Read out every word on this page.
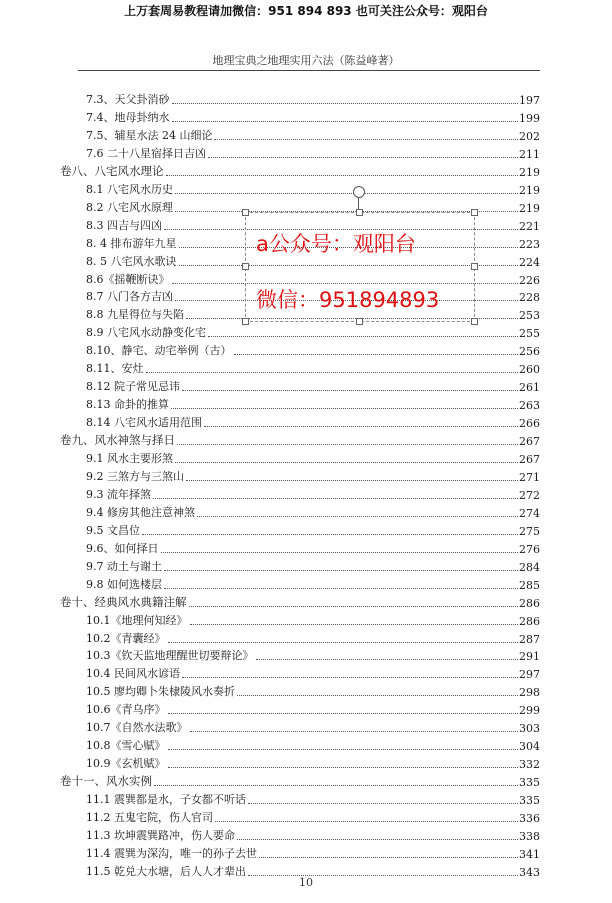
上万套周易教程请加微信：951 894 893 也可关注公众号：观阳台
地理宝典之地理实用六法（陈益峰著）
7.3、天父卦消砂	197
7.4、地母卦纳水	199
7.5、辅星水法 24 山细论	202
7.6 二十八星宿择日吉凶	211
卷八、八宅风水理论	219
8.1 八宅风水历史	219
8.2 八宅风水原理	219
8.3 四吉与四凶	221
8. 4 排布游年九星	223
8. 5 八宅风水歌诀	224
8.6《摇鞭断诀》	226
8.7 八门各方吉凶	228
8.8 九星得位与失陷	253
8.9 八宅风水动静变化宅	255
8.10、静宅、动宅举例（古）	256
8.11、安灶	260
8.12 院子常见忌讳	261
8.13 命卦的推算	263
8.14 八宅风水适用范围	266
卷九、风水神煞与择日	267
9.1 风水主要形煞	267
9.2 三煞方与三煞山	271
9.3 流年择煞	272
9.4 修房其他注意神煞	274
9.5 文昌位	275
9.6、如何择日	276
9.7 动土与谢土	284
9.8 如何选楼层	285
卷十、经典风水典籍注解	286
10.1《地理何知经》	286
10.2《青囊经》	287
10.3《钦天监地理醒世切要辩论》	291
10.4 民间风水谚语	297
10.5 廖均卿卜朱棣陵风水奏折	298
10.6《青乌序》	299
10.7《自然水法歌》	303
10.8《雪心赋》	304
10.9《玄机赋》	332
卷十一、风水实例	335
11.1 震巽都是水，子女都不听话	335
11.2 五鬼宅院，伤人官司	336
11.3 坎坤震巽路冲，伤人要命	338
11.4 震巽为深沟，唯一的孙子去世	341
11.5 乾兑大水塘，后人人才辈出	343
a公众号：观阳台
微信：951894893
10
